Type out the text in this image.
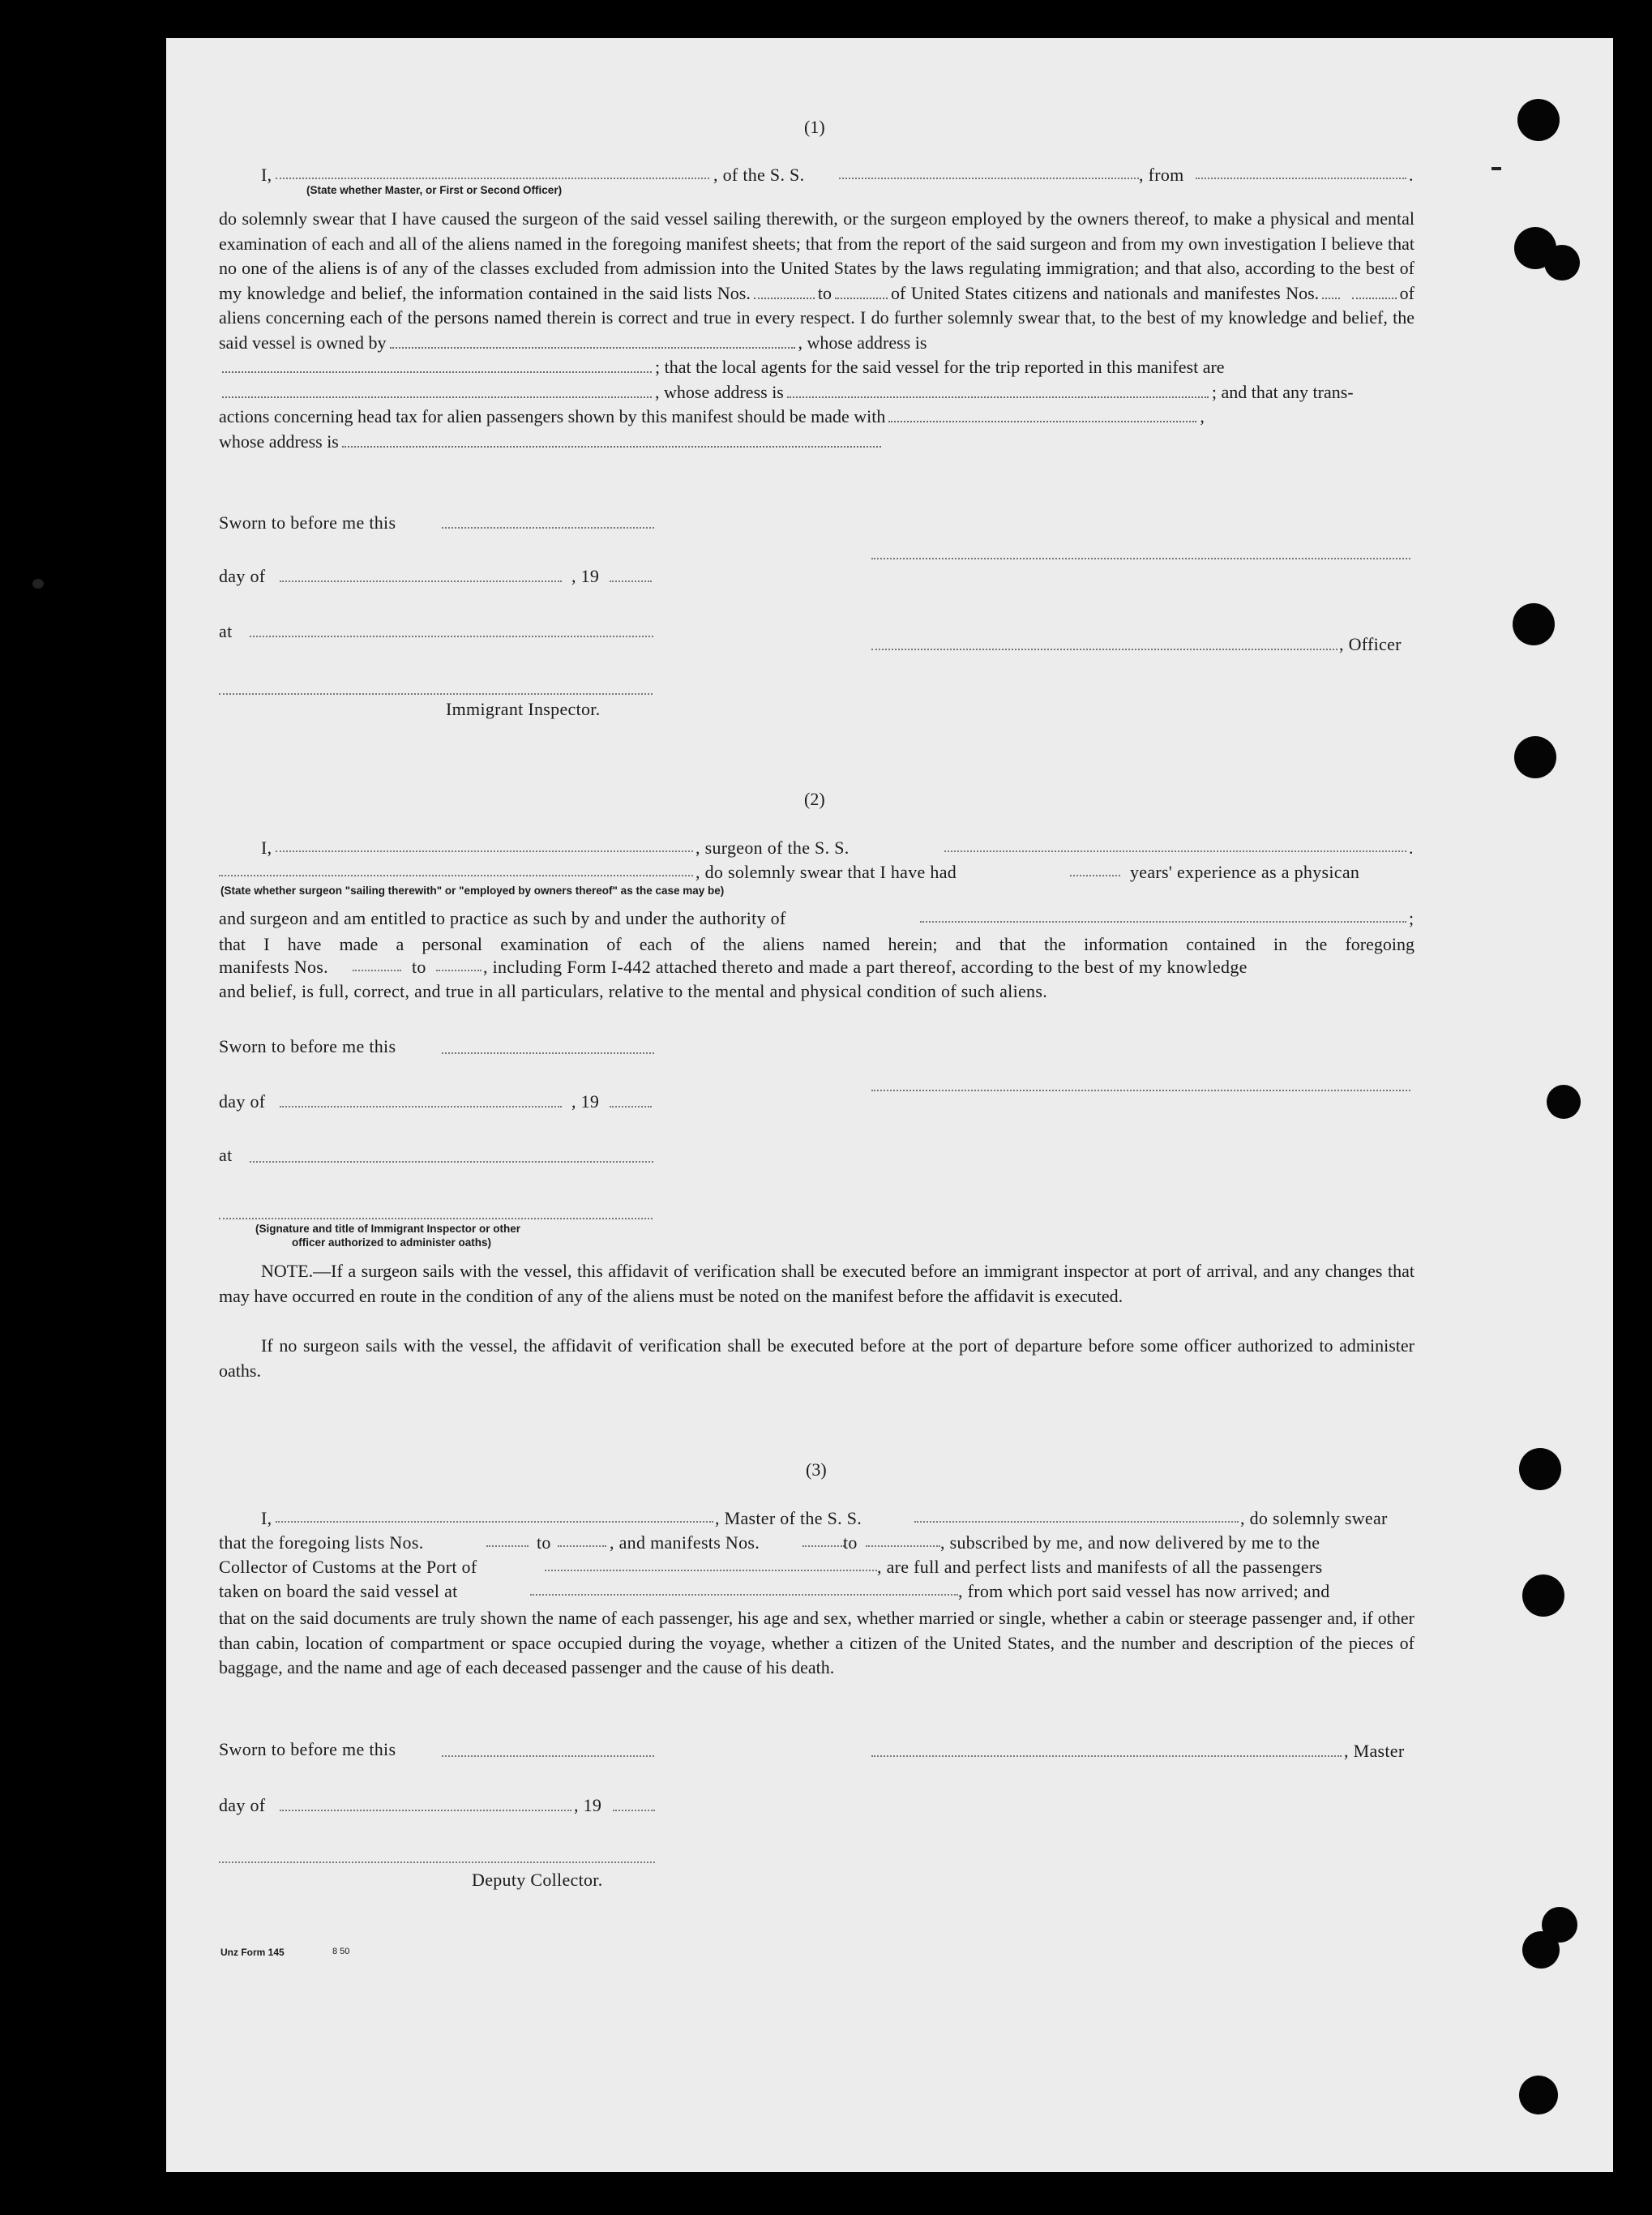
(1)
I,	, of the S. S.	, from	.
(State whether Master, or First or Second Officer)
do solemnly swear that I have caused the surgeon of the said vessel sailing therewith, or the surgeon employed by the owners thereof, to make a physical and mental examination of each and all of the aliens named in the foregoing manifest sheets; that from the report of the said surgeon and from my own investigation I believe that no one of the aliens is of any of the classes excluded from admission into the United States by the laws regulating immigration; and that also, according to the best of my knowledge and belief, the information contained in the said lists Nos.	to	of United States citizens and nationals and manifestes Nos.	of aliens concerning each of the persons named therein is correct and true in every respect. I do further solemnly swear that, to the best of my knowledge and belief, the said vessel is owned by	, whose address is
; that the local agents for the said vessel for the trip reported in this manifest are
, whose address is	; and that any trans-
actions concerning head tax for alien passengers shown by this manifest should be made with	,
whose address is
Sworn to before me this
day of	, 19
at
, Officer
Immigrant Inspector.
(2)
I,	, surgeon of the S. S.	.
, do solemnly swear that I have had	years' experience as a physican
(State whether surgeon "sailing therewith" or "employed by owners thereof" as the case may be)
and surgeon and am entitled to practice as such by and under the authority of	;
that I have made a personal examination of each of the aliens named herein; and that the information contained in the foregoing
manifests Nos.	to	, including Form I-442 attached thereto and made a part thereof, according to the best of my knowledge
and belief, is full, correct, and true in all particulars, relative to the mental and physical condition of such aliens.
Sworn to before me this
day of	, 19
at
(Signature and title of Immigrant Inspector or other
officer authorized to administer oaths)
NOTE.—If a surgeon sails with the vessel, this affidavit of verification shall be executed before an immigrant inspector at port of arrival, and any changes that may have occurred en route in the condition of any of the aliens must be noted on the manifest before the affidavit is executed.
If no surgeon sails with the vessel, the affidavit of verification shall be executed before at the port of departure before some officer authorized to administer oaths.
(3)
I,	, Master of the S. S.	, do solemnly swear
that the foregoing lists Nos.	to	, and manifests Nos.	to	, subscribed by me, and now delivered by me to the
Collector of Customs at the Port of	, are full and perfect lists and manifests of all the passengers
taken on board the said vessel at	, from which port said vessel has now arrived; and
that on the said documents are truly shown the name of each passenger, his age and sex, whether married or single, whether a cabin or steerage passenger and, if other than cabin, location of compartment or space occupied during the voyage, whether a citizen of the United States, and the number and description of the pieces of baggage, and the name and age of each deceased passenger and the cause of his death.
Sworn to before me this	, Master
day of	, 19
Deputy Collector.
Unz Form 145	8 50
